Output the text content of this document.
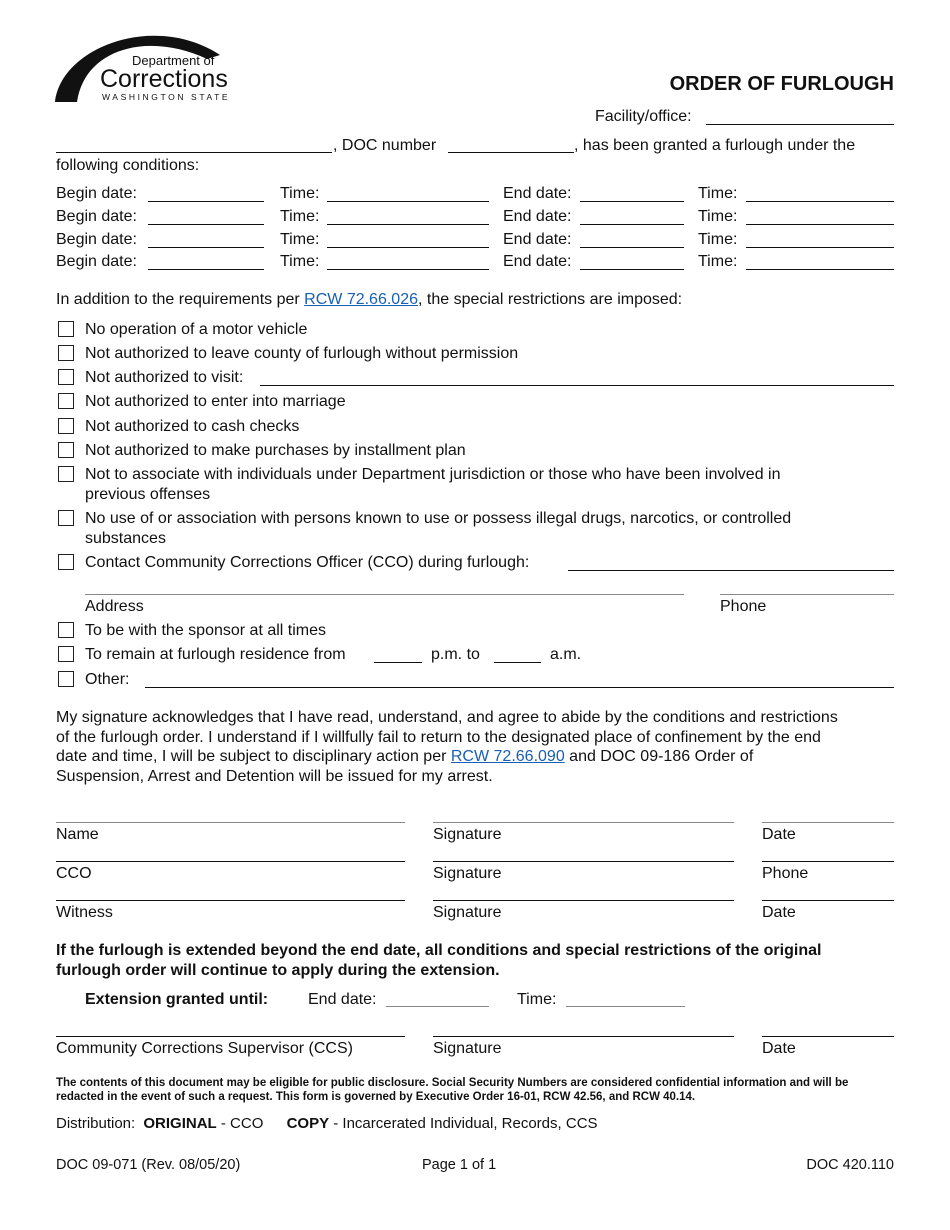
Department of
Corrections
WASHINGTON STATE
ORDER OF FURLOUGH
Facility/office:
, DOC number	, has been granted a furlough under the
following conditions:
Begin date:	Time:	End date:	Time:
Begin date:	Time:	End date:	Time:
Begin date:	Time:	End date:	Time:
Begin date:	Time:	End date:	Time:
In addition to the requirements per RCW 72.66.026, the special restrictions are imposed:
No operation of a motor vehicle
Not authorized to leave county of furlough without permission
Not authorized to visit:
Not authorized to enter into marriage
Not authorized to cash checks
Not authorized to make purchases by installment plan
Not to associate with individuals under Department jurisdiction or those who have been involved in
previous offenses
No use of or association with persons known to use or possess illegal drugs, narcotics, or controlled
substances
Contact Community Corrections Officer (CCO) during furlough:
Address	Phone
To be with the sponsor at all times
To remain at furlough residence from	p.m. to	a.m.
Other:
My signature acknowledges that I have read, understand, and agree to abide by the conditions and restrictions
of the furlough order. I understand if I willfully fail to return to the designated place of confinement by the end
date and time, I will be subject to disciplinary action per RCW 72.66.090 and DOC 09-186 Order of
Suspension, Arrest and Detention will be issued for my arrest.
Name	Signature	Date
CCO	Signature	Phone
Witness	Signature	Date
If the furlough is extended beyond the end date, all conditions and special restrictions of the original
furlough order will continue to apply during the extension.
Extension granted until: End date:	Time:
Community Corrections Supervisor (CCS)	Signature	Date
The contents of this document may be eligible for public disclosure. Social Security Numbers are considered confidential information and will be redacted in the event of such a request. This form is governed by Executive Order 16-01, RCW 42.56, and RCW 40.14.
Distribution: ORIGINAL - CCO COPY - Incarcerated Individual, Records, CCS
DOC 09-071 (Rev. 08/05/20)	Page 1 of 1	DOC 420.110
